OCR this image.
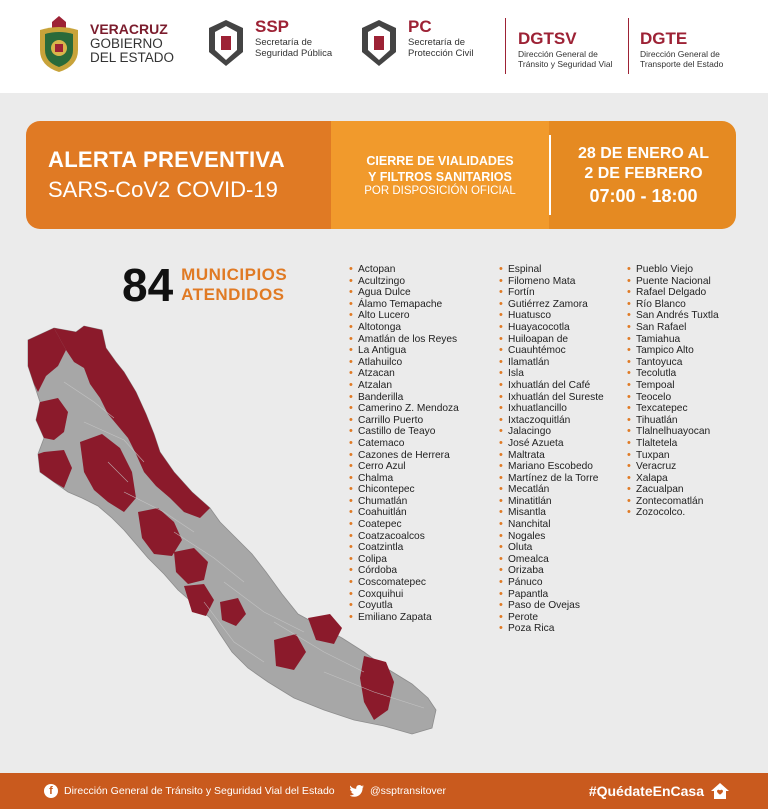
VERACRUZ
GOBIERNO
DEL ESTADO
SSP
Secretaría de
Seguridad Pública
PC
Secretaría de
Protección Civil
DGTSV
Dirección General de
Tránsito y Seguridad Vial
DGTE
Dirección General de
Transporte del Estado
ALERTA PREVENTIVA
SARS-CoV2 COVID-19
CIERRE DE VIALIDADES
Y FILTROS SANITARIOS
POR DISPOSICIÓN OFICIAL
28 DE ENERO AL
2 DE FEBRERO
07:00 - 18:00
84 MUNICIPIOS
ATENDIDOS
• Actopan
• Acultzingo
• Agua Dulce
• Álamo Temapache
• Alto Lucero
• Altotonga
• Amatlán de los Reyes
• La Antigua
• Atlahuilco
• Atzacan
• Atzalan
• Banderilla
• Camerino Z. Mendoza
• Carrillo Puerto
• Castillo de Teayo
• Catemaco
• Cazones de Herrera
• Cerro Azul
• Chalma
• Chicontepec
• Chumatlán
• Coahuitlán
• Coatepec
• Coatzacoalcos
• Coatzintla
• Colipa
• Córdoba
• Coscomatepec
• Coxquihui
• Coyutla
• Emiliano Zapata
• Espinal
• Filomeno Mata
• Fortín
• Gutiérrez Zamora
• Huatusco
• Huayacocotla
• Huiloapan de
• Cuauhtémoc
• Ilamatlán
• Isla
• Ixhuatlán del Café
• Ixhuatlán del Sureste
• Ixhuatlancillo
• Ixtaczoquitlán
• Jalacingo
• José Azueta
• Maltrata
• Mariano Escobedo
• Martínez de la Torre
• Mecatlán
• Minatitlán
• Misantla
• Nanchital
• Nogales
• Oluta
• Omealca
• Orizaba
• Pánuco
• Papantla
• Paso de Ovejas
• Perote
• Poza Rica
• Pueblo Viejo
• Puente Nacional
• Rafael Delgado
• Río Blanco
• San Andrés Tuxtla
• San Rafael
• Tamiahua
• Tampico Alto
• Tantoyuca
• Tecolutla
• Tempoal
• Teocelo
• Texcatepec
• Tihuatlán
• Tlalnelhuayocan
• Tlaltetela
• Tuxpan
• Veracruz
• Xalapa
• Zacualpan
• Zontecomatlán
• Zozocolco.
f	Dirección General de Tránsito y Seguridad Vial del Estado	@ssptransitover	#QuédateEnCasa
